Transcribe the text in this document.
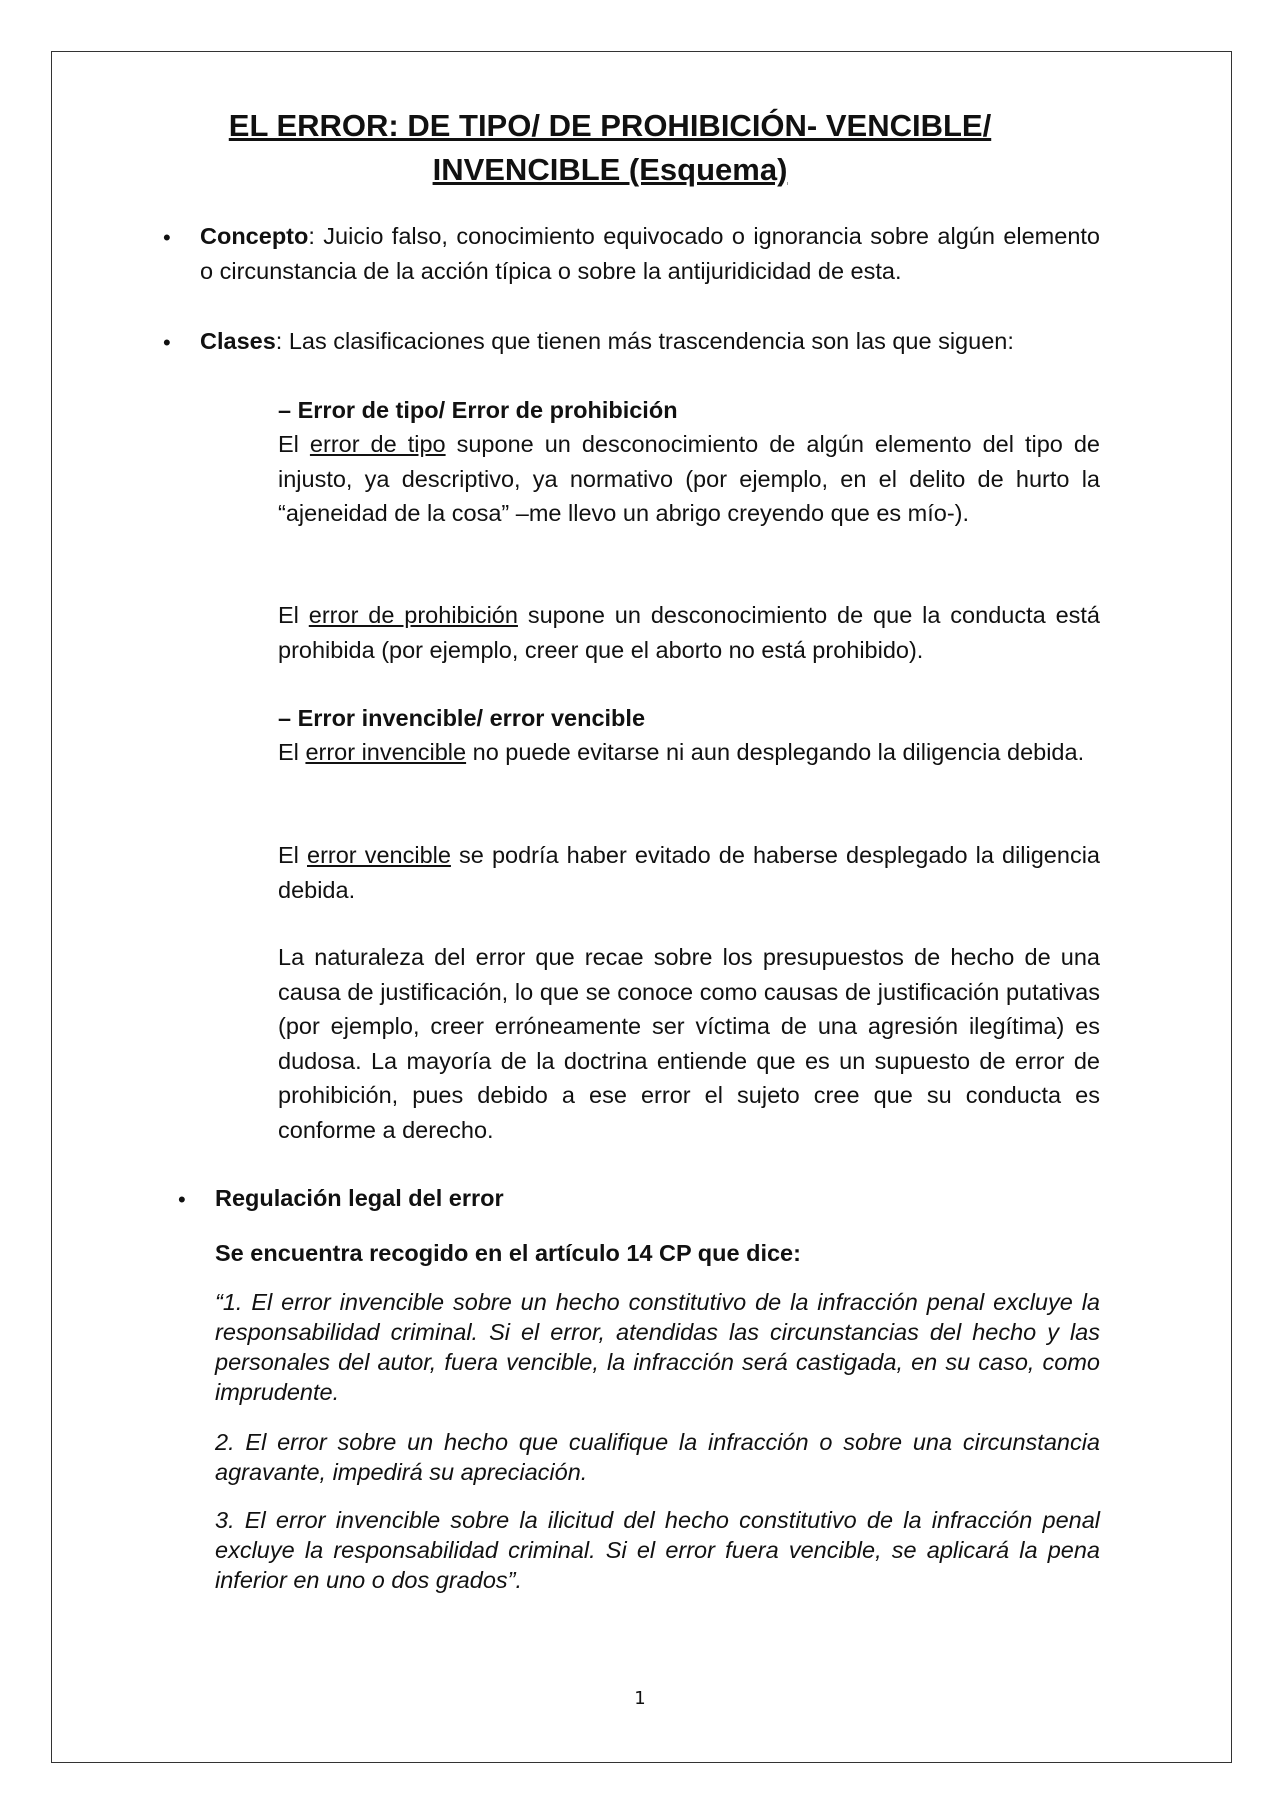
EL ERROR: DE TIPO/ DE PROHIBICIÓN- VENCIBLE/
INVENCIBLE (Esquema)
• Concepto: Juicio falso, conocimiento equivocado o ignorancia sobre algún elemento o circunstancia de la acción típica o sobre la antijuridicidad de esta.

• Clases: Las clasificaciones que tienen más trascendencia son las que siguen:

– Error de tipo/ Error de prohibición

El error de tipo supone un desconocimiento de algún elemento del tipo de injusto, ya descriptivo, ya normativo (por ejemplo, en el delito de hurto la “ajeneidad de la cosa” –me llevo un abrigo creyendo que es mío-).

El error de prohibición supone un desconocimiento de que la conducta está prohibida (por ejemplo, creer que el aborto no está prohibido).

– Error invencible/ error vencible

El error invencible no puede evitarse ni aun desplegando la diligencia debida.

El error vencible se podría haber evitado de haberse desplegado la diligencia debida.

La naturaleza del error que recae sobre los presupuestos de hecho de una causa de justificación, lo que se conoce como causas de justificación putativas (por ejemplo, creer erróneamente ser víctima de una agresión ilegítima) es dudosa. La mayoría de la doctrina entiende que es un supuesto de error de prohibición, pues debido a ese error el sujeto cree que su conducta es conforme a derecho.

• Regulación legal del error

Se encuentra recogido en el artículo 14 CP que dice:

“1. El error invencible sobre un hecho constitutivo de la infracción penal excluye la responsabilidad criminal. Si el error, atendidas las circunstancias del hecho y las personales del autor, fuera vencible, la infracción será castigada, en su caso, como imprudente.

2. El error sobre un hecho que cualifique la infracción o sobre una circunstancia agravante, impedirá su apreciación.

3. El error invencible sobre la ilicitud del hecho constitutivo de la infracción penal excluye la responsabilidad criminal. Si el error fuera vencible, se aplicará la pena inferior en uno o dos grados”.

1
